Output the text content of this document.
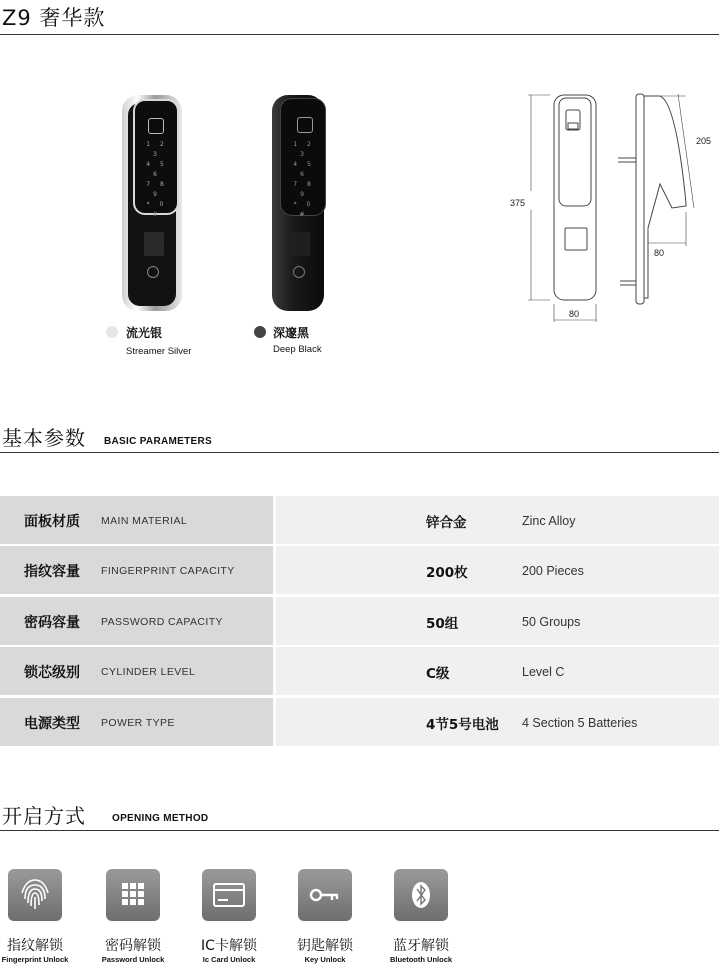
Z9 奢华款
1 2 3
4 5 6
7 8 9
* 0 #
1 2 3
4 5 6
7 8 9
* 0 #
流光银
Streamer Silver
深邃黑
Deep Black
375
80
80
205
基本参数 BASIC PARAMETERS
面板材质 MAIN MATERIAL	锌合金	Zinc Alloy
指纹容量 FINGERPRINT CAPACITY	200枚	200 Pieces
密码容量 PASSWORD CAPACITY	50组	50 Groups
锁芯级别 CYLINDER LEVEL	C级	Level C
电源类型 POWER TYPE	4节5号电池 4 Section 5 Batteries
开启方式	OPENING METHOD
指纹解锁	密码解锁	IC卡解锁	钥匙解锁	蓝牙解锁
Fingerprint Unlock	Password Unlock	Ic Card Unlock	Key Unlock	Bluetooth Unlock
